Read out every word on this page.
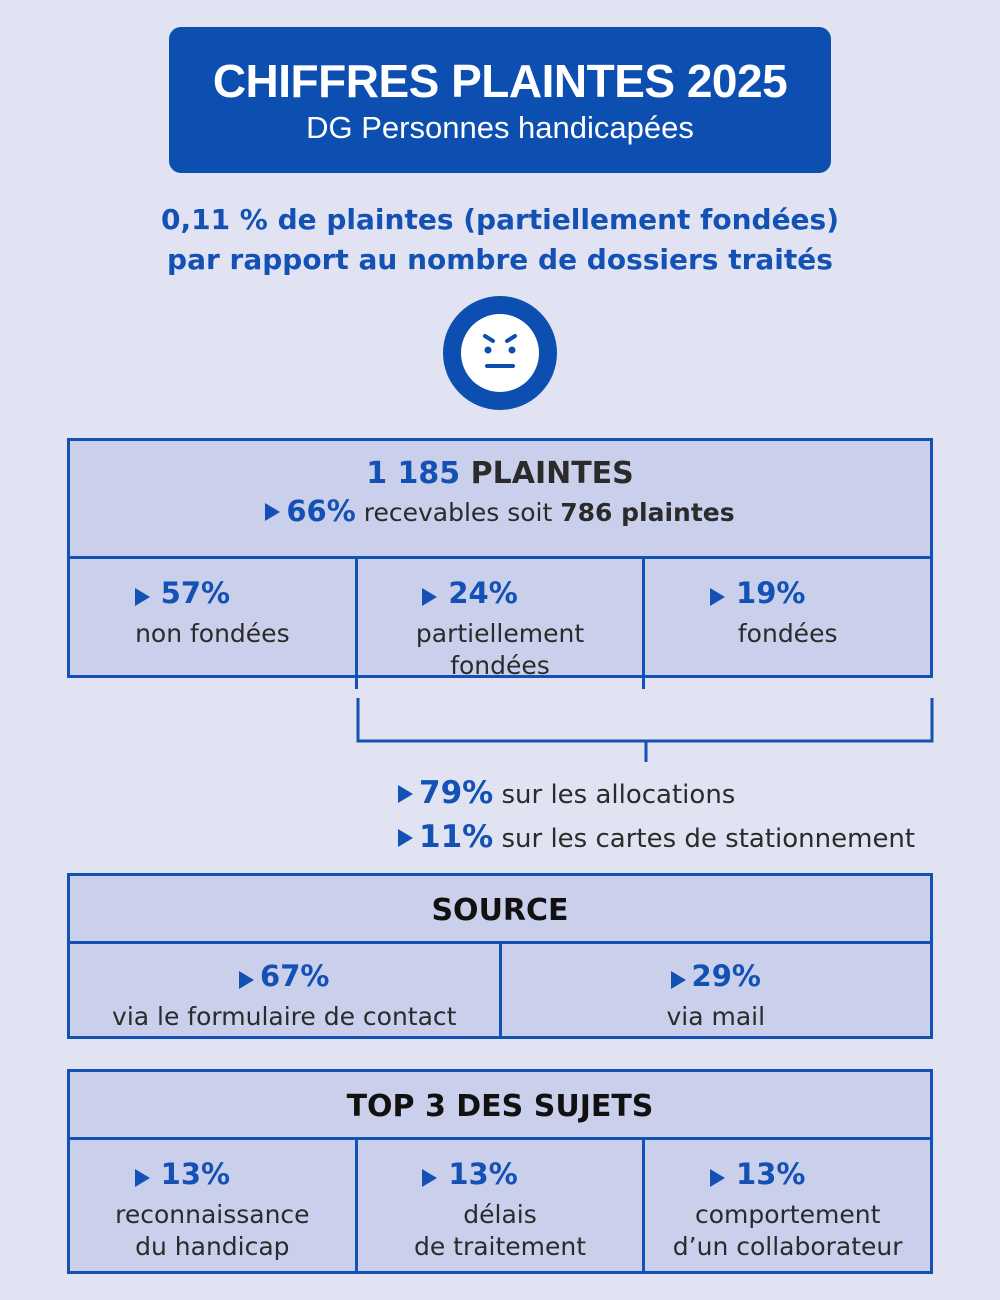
CHIFFRES PLAINTES 2025
DG Personnes handicapées
0,11 % de plaintes (partiellement fondées)
par rapport au nombre de dossiers traités
1 185 PLAINTES
66% recevables soit 786 plaintes
57%
non fondées
24%
partiellement
fondées
19%
fondées
79% sur les allocations
11% sur les cartes de stationnement
SOURCE
67%
via le formulaire de contact
29%
via mail
TOP 3 DES SUJETS
13%
reconnaissance
du handicap
13%
délais
de traitement
13%
comportement
d’un collaborateur
